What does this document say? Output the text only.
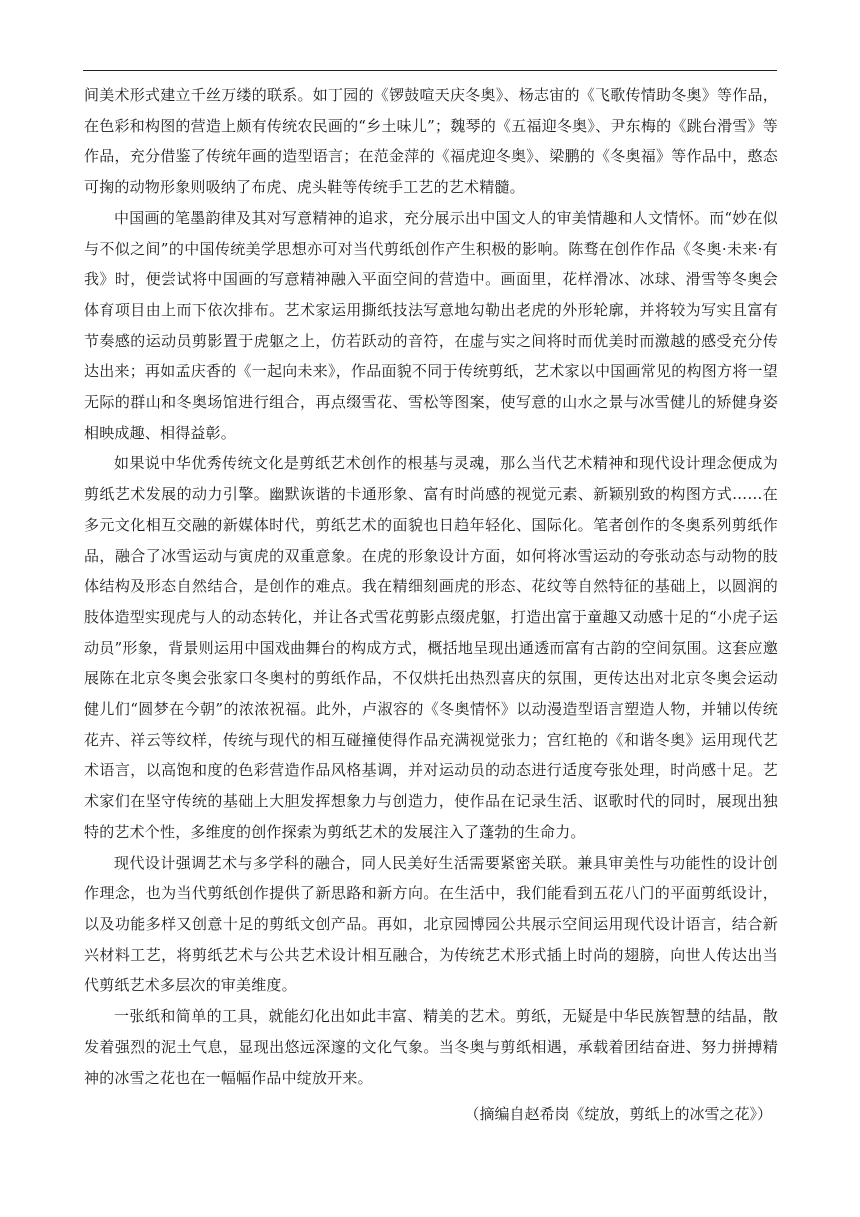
间美术形式建立千丝万缕的联系。如丁园的《锣鼓喧天庆冬奥》、杨志宙的《飞歌传情助冬奥》等作品，在色彩和构图的营造上颇有传统农民画的“乡土味儿”；魏琴的《五福迎冬奥》、尹东梅的《跳台滑雪》等作品，充分借鉴了传统年画的造型语言；在范金萍的《福虎迎冬奥》、梁鹏的《冬奥福》等作品中，憨态可掬的动物形象则吸纳了布虎、虎头鞋等传统手工艺的艺术精髓。

中国画的笔墨韵律及其对写意精神的追求，充分展示出中国文人的审美情趣和人文情怀。而“妙在似与不似之间”的中国传统美学思想亦可对当代剪纸创作产生积极的影响。陈骛在创作作品《冬奥·未来·有我》时，便尝试将中国画的写意精神融入平面空间的营造中。画面里，花样滑冰、冰球、滑雪等冬奥会体育项目由上而下依次排布。艺术家运用撕纸技法写意地勾勒出老虎的外形轮廓，并将较为写实且富有节奏感的运动员剪影置于虎躯之上，仿若跃动的音符，在虚与实之间将时而优美时而激越的感受充分传达出来；再如孟庆香的《一起向未来》，作品面貌不同于传统剪纸，艺术家以中国画常见的构图方将一望无际的群山和冬奥场馆进行组合，再点缀雪花、雪松等图案，使写意的山水之景与冰雪健儿的矫健身姿相映成趣、相得益彰。

如果说中华优秀传统文化是剪纸艺术创作的根基与灵魂，那么当代艺术精神和现代设计理念便成为剪纸艺术发展的动力引擎。幽默诙谐的卡通形象、富有时尚感的视觉元素、新颖别致的构图方式……在多元文化相互交融的新媒体时代，剪纸艺术的面貌也日趋年轻化、国际化。笔者创作的冬奥系列剪纸作品，融合了冰雪运动与寅虎的双重意象。在虎的形象设计方面，如何将冰雪运动的夸张动态与动物的肢体结构及形态自然结合，是创作的难点。我在精细刻画虎的形态、花纹等自然特征的基础上，以圆润的肢体造型实现虎与人的动态转化，并让各式雪花剪影点缀虎躯，打造出富于童趣又动感十足的“小虎子运动员”形象，背景则运用中国戏曲舞台的构成方式，概括地呈现出通透而富有古韵的空间氛围。这套应邀展陈在北京冬奥会张家口冬奥村的剪纸作品，不仅烘托出热烈喜庆的氛围，更传达出对北京冬奥会运动健儿们“圆梦在今朝”的浓浓祝福。此外，卢淑容的《冬奥情怀》以动漫造型语言塑造人物，并辅以传统花卉、祥云等纹样，传统与现代的相互碰撞使得作品充满视觉张力；宫红艳的《和谐冬奥》运用现代艺术语言，以高饱和度的色彩营造作品风格基调，并对运动员的动态进行适度夸张处理，时尚感十足。艺术家们在坚守传统的基础上大胆发挥想象力与创造力，使作品在记录生活、讴歌时代的同时，展现出独特的艺术个性，多维度的创作探索为剪纸艺术的发展注入了蓬勃的生命力。

现代设计强调艺术与多学科的融合，同人民美好生活需要紧密关联。兼具审美性与功能性的设计创作理念，也为当代剪纸创作提供了新思路和新方向。在生活中，我们能看到五花八门的平面剪纸设计，以及功能多样又创意十足的剪纸文创产品。再如，北京园博园公共展示空间运用现代设计语言，结合新兴材料工艺，将剪纸艺术与公共艺术设计相互融合，为传统艺术形式插上时尚的翅膀，向世人传达出当代剪纸艺术多层次的审美维度。

一张纸和简单的工具，就能幻化出如此丰富、精美的艺术。剪纸，无疑是中华民族智慧的结晶，散发着强烈的泥土气息，显现出悠远深邃的文化气象。当冬奥与剪纸相遇，承载着团结奋进、努力拼搏精神的冰雪之花也在一幅幅作品中绽放开来。

（摘编自赵希岗《绽放，剪纸上的冰雪之花》）
